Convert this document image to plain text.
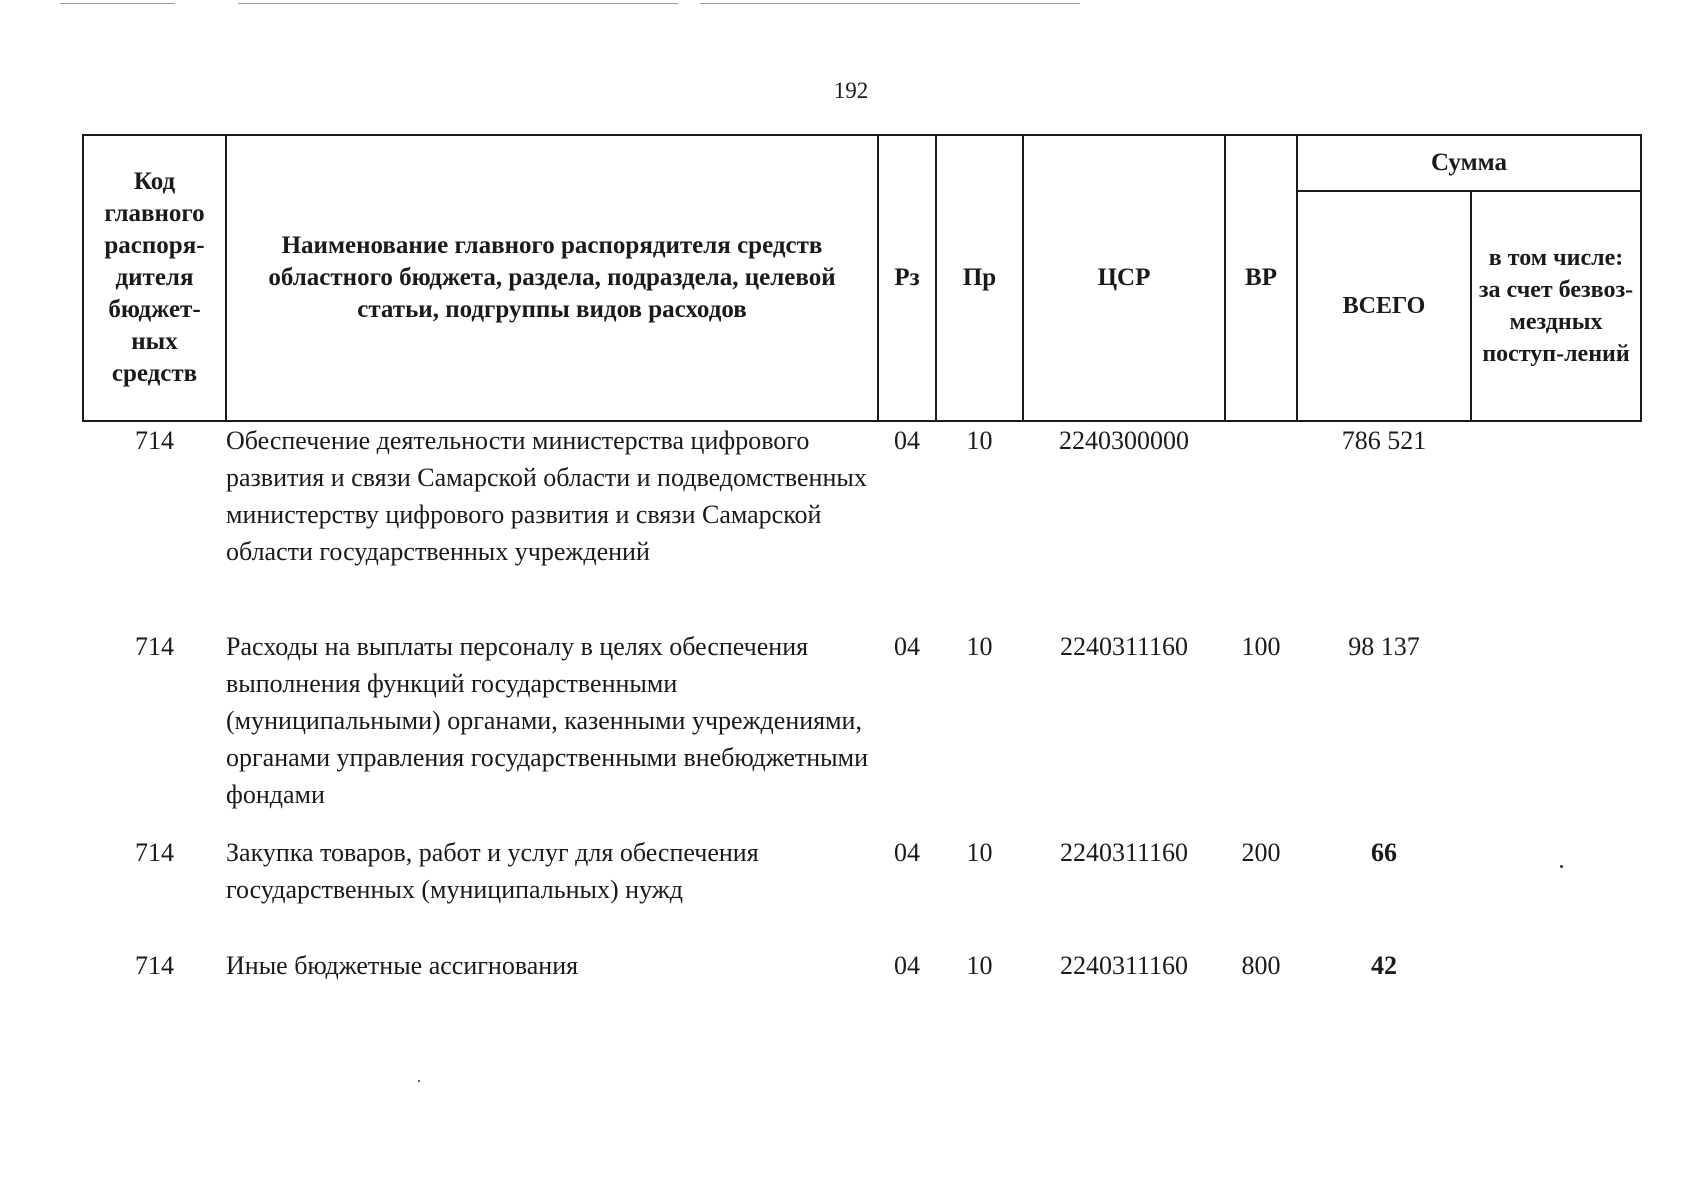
192
Код главного распоря-дителя бюджет-ных средств	Наименование главного распорядителя средств областного бюджета, раздела, подраздела, целевой статьи, подгруппы видов расходов	Рз	Пр	ЦСР	ВР	Сумма	
						ВСЕГО	в том числе: за счет безвоз-мездных поступ-лений
714	Обеспечение деятельности министерства цифрового развития и связи Самарской области и подведомственных министерству цифрового развития и связи Самарской области государственных учреждений	04	10	2240300000		786 521	
714	Расходы на выплаты персоналу в целях обеспечения выполнения функций государственными (муниципальными) органами, казенными учреждениями, органами управления государственными внебюджетными фондами	04	10	2240311160	100	98 137	
714	Закупка товаров, работ и услуг для обеспечения государственных (муниципальных) нужд	04	10	2240311160	200	66	
714	Иные бюджетные ассигнования	04	10	2240311160	800	42	
